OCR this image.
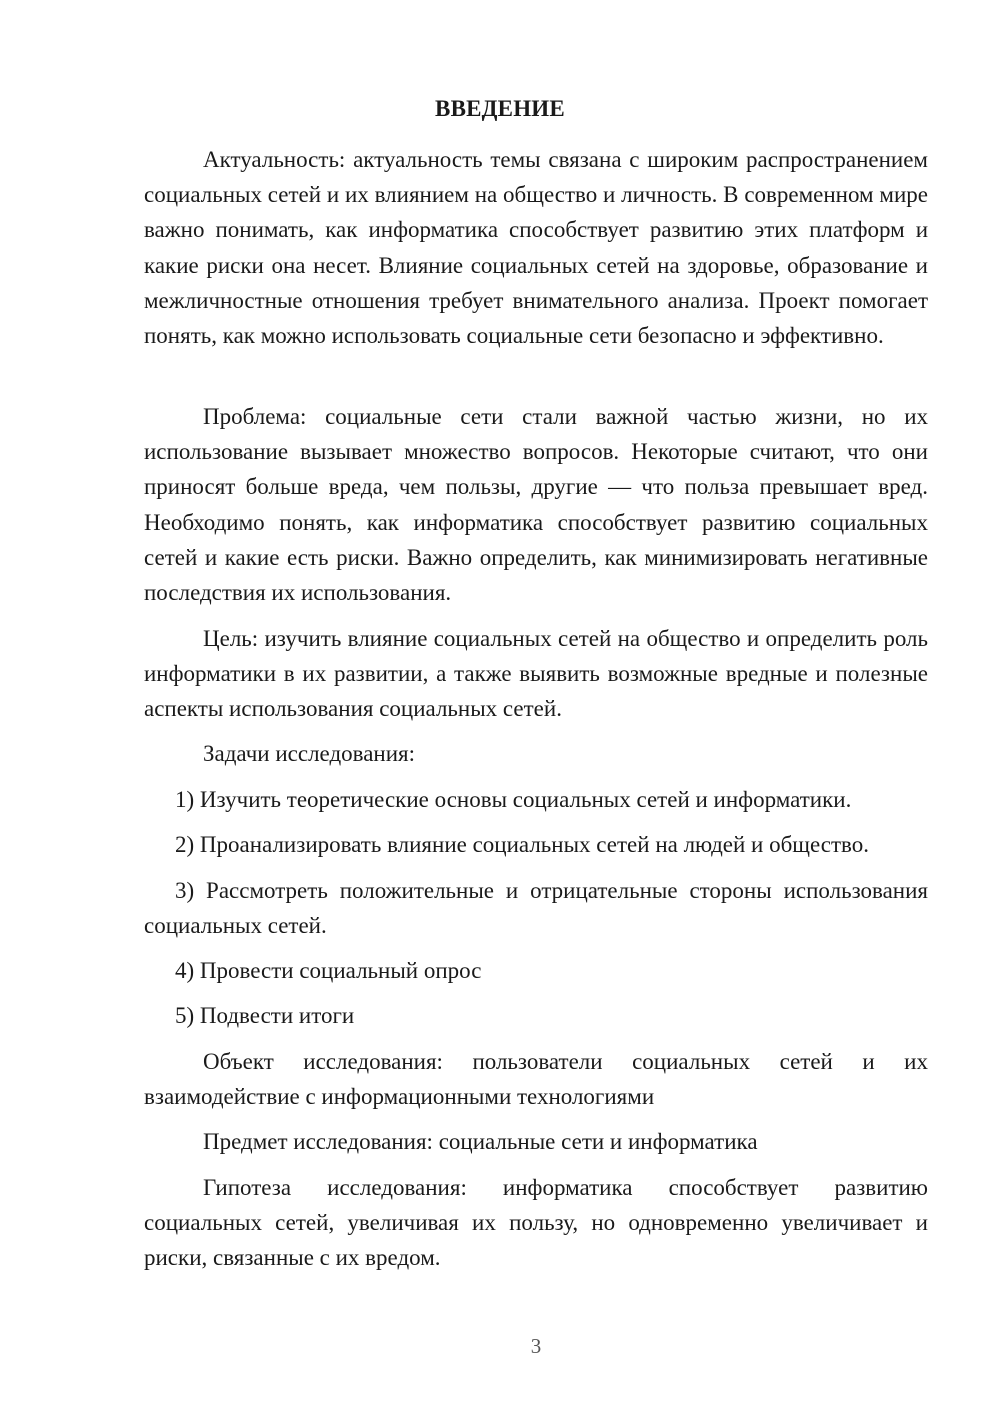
ВВЕДЕНИЕ

Актуальность: актуальность темы связана с широким распространением социальных сетей и их влиянием на общество и личность. В современном мире важно понимать, как информатика способствует развитию этих платформ и какие риски она несет. Влияние социальных сетей на здоровье, образование и межличностные отношения требует внимательного анализа. Проект помогает понять, как можно использовать социальные сети безопасно и эффективно.

Проблема: социальные сети стали важной частью жизни, но их использование вызывает множество вопросов. Некоторые считают, что они приносят больше вреда, чем пользы, другие — что польза превышает вред. Необходимо понять, как информатика способствует развитию социальных сетей и какие есть риски. Важно определить, как минимизировать негативные последствия их использования.

Цель: изучить влияние социальных сетей на общество и определить роль информатики в их развитии, а также выявить возможные вредные и полезные аспекты использования социальных сетей.

Задачи исследования:

1) Изучить теоретические основы социальных сетей и информатики.

2) Проанализировать влияние социальных сетей на людей и общество.

3) Рассмотреть положительные и отрицательные стороны использования социальных сетей.

4) Провести социальный опрос

5) Подвести итоги

Объект исследования: пользователи социальных сетей и их взаимодействие с информационными технологиями

Предмет исследования: социальные сети и информатика

Гипотеза исследования: информатика способствует развитию социальных сетей, увеличивая их пользу, но одновременно увеличивает и риски, связанные с их вредом.

3
